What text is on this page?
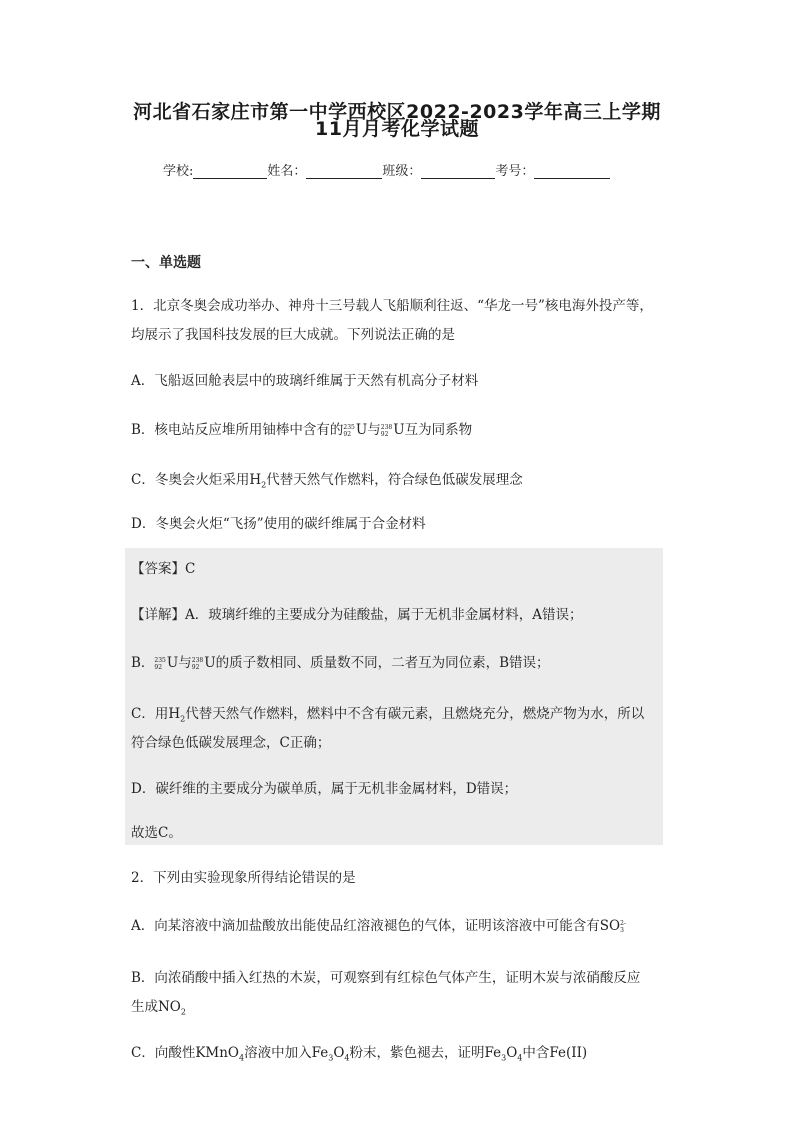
河北省石家庄市第一中学西校区2022-2023学年高三上学期
11月月考化学试题
学校:	姓名：	班级：	考号：
一、单选题
1．北京冬奥会成功举办、神舟十三号载人飞船顺利往返、“华龙一号”核电海外投产等，
均展示了我国科技发展的巨大成就。下列说法正确的是
A．飞船返回舱表层中的玻璃纤维属于天然有机高分子材料
B．核电站反应堆所用铀棒中含有的 235
92 U与 238
92 U互为同系物
C．冬奥会火炬采用$H_2$代替天然气作燃料，符合绿色低碳发展理念
D．冬奥会火炬“飞扬”使用的碳纤维属于合金材料
【答案】C
【详解】A．玻璃纤维的主要成分为硅酸盐，属于无机非金属材料，A错误；
B． 235
92 U与 238
92 U的质子数相同、质量数不同，二者互为同位素，B错误；
C．用$H_2$代替天然气作燃料，燃料中不含有碳元素，且燃烧充分，燃烧产物为水，所以
符合绿色低碳发展理念，C正确；
D．碳纤维的主要成分为碳单质，属于无机非金属材料，D错误；
故选C。
2．下列由实验现象所得结论错误的是
A．向某溶液中滴加盐酸放出能使品红溶液褪色的气体，证明该溶液中可能含有SO 2-
3
B．向浓硝酸中插入红热的木炭，可观察到有红棕色气体产生，证明木炭与浓硝酸反应
生成$NO_2$
C．向酸性KMnO$_4$溶液中加入$Fe_3O_4$粉末，紫色褪去，证明$Fe_3O_4$中含Fe(II)
